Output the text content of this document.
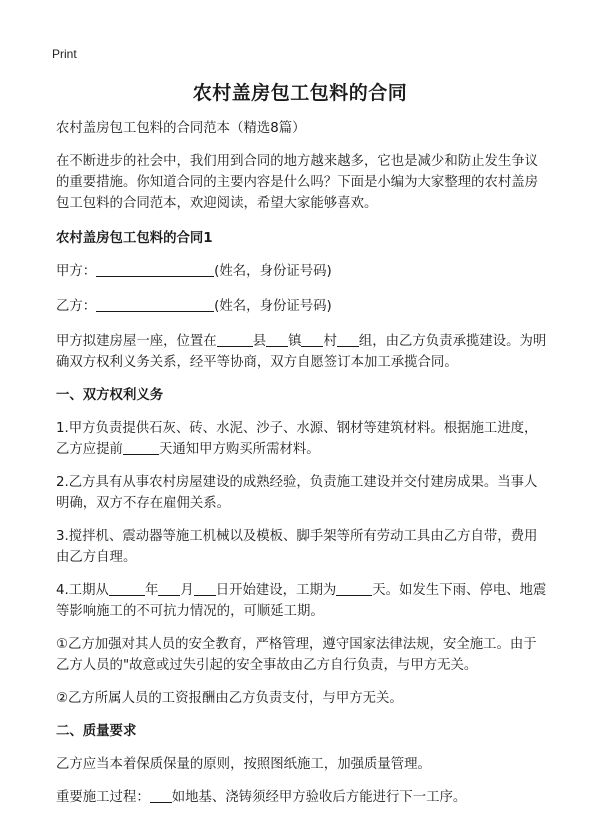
Print
农村盖房包工包料的合同

农村盖房包工包料的合同范本（精选8篇）

在不断进步的社会中，我们用到合同的地方越来越多，它也是减少和防止发生争议的重要措施。你知道合同的主要内容是什么吗？下面是小编为大家整理的农村盖房包工包料的合同范本，欢迎阅读，希望大家能够喜欢。

农村盖房包工包料的合同1

甲方：	(姓名，身份证号码)

乙方：	(姓名，身份证号码)

甲方拟建房屋一座，位置在	县 镇 村 组，由乙方负责承揽建设。为明确双方权利义务关系，经平等协商，双方自愿签订本加工承揽合同。

一、双方权利义务

1.甲方负责提供石灰、砖、水泥、沙子、水源、钢材等建筑材料。根据施工进度，乙方应提前	天通知甲方购买所需材料。

2.乙方具有从事农村房屋建设的成熟经验，负责施工建设并交付建房成果。当事人明确，双方不存在雇佣关系。

3.搅拌机、震动器等施工机械以及模板、脚手架等所有劳动工具由乙方自带，费用由乙方自理。

4.工期从	年 月 日开始建设，工期为	天。如发生下雨、停电、地震等影响施工的不可抗力情况的，可顺延工期。

①乙方加强对其人员的安全教育，严格管理，遵守国家法律法规，安全施工。由于乙方人员的"故意或过失引起的安全事故由乙方自行负责，与甲方无关。

②乙方所属人员的工资报酬由乙方负责支付，与甲方无关。

二、质量要求

乙方应当本着保质保量的原则，按照图纸施工，加强质量管理。

重要施工过程： 如地基、浇铸须经甲方验收后方能进行下一工序。
